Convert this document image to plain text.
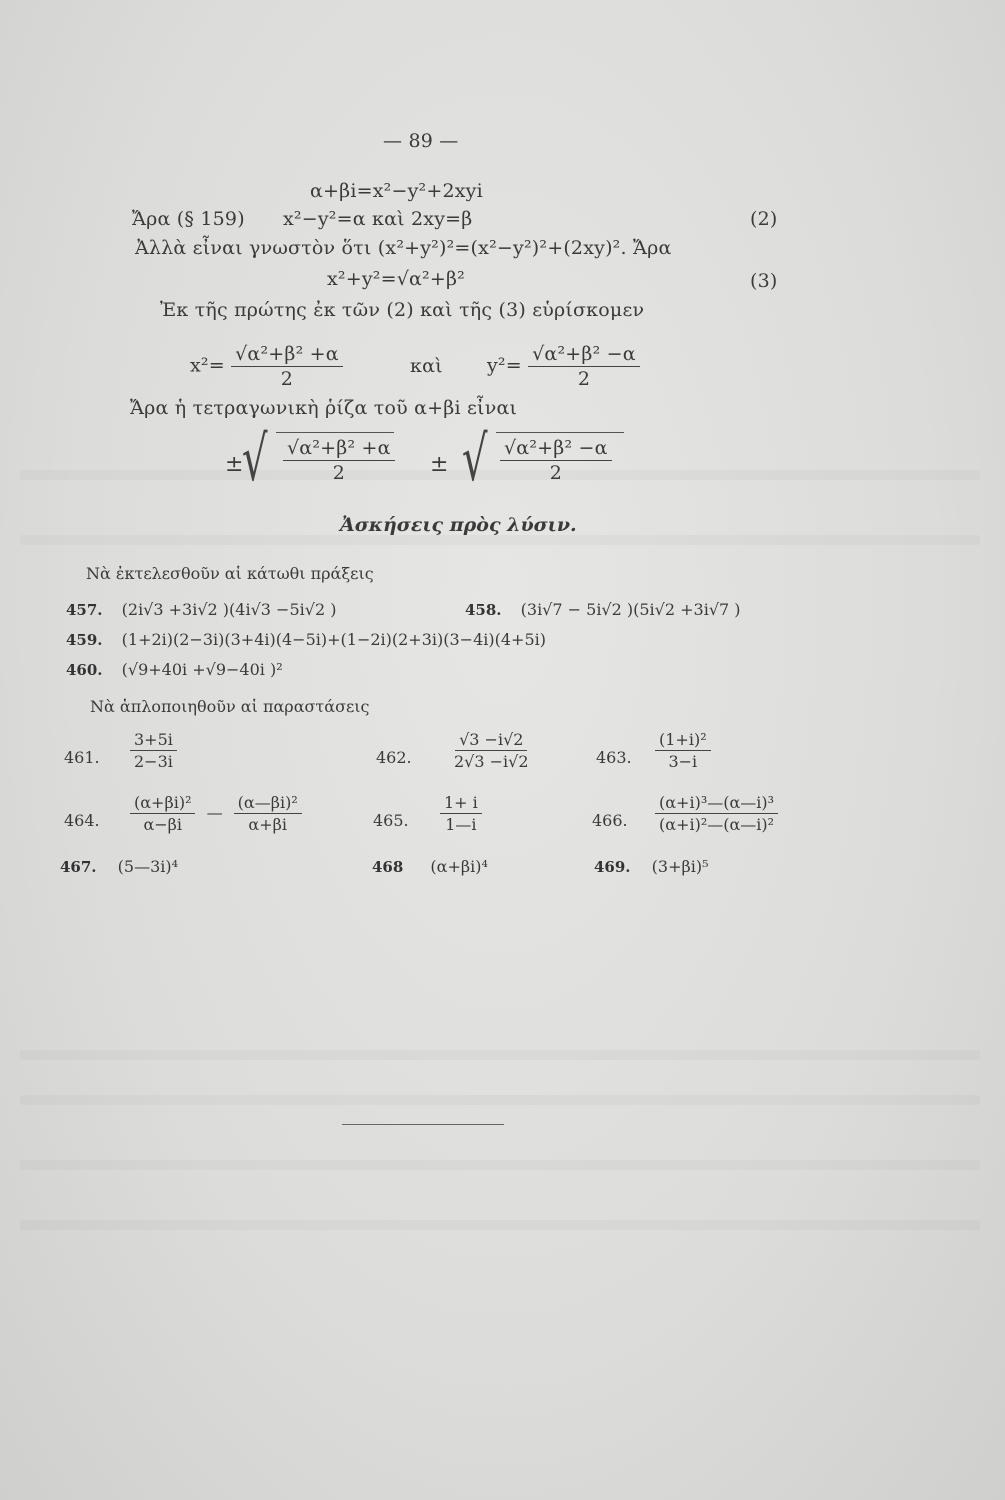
— 89 —
α+βi=x²−y²+2xyi
Ἄρα (§ 159) x²−y²=α καὶ 2xy=β	(2)
Ἀλλὰ εἶναι γνωστὸν ὅτι (x²+y²)²=(x²−y²)²+(2xy)². Ἄρα
x²+y²=√α²+β²	(3)
Ἐκ τῆς πρώτης ἐκ τῶν (2) καὶ τῆς (3) εὑρίσκομεν
$x^2= \frac{\text{√α²+β² +α}}{2}$	καὶ $y^2= \frac{\text{√α²+β² −α}}{2}$
Ἄρα ἡ τετραγωνικὴ ῥίζα τοῦ α+βi εἶναι
±
√ $\frac{\text{√α²+β² +α}}{2}$ ± √ $\frac{\text{√α²+β² −α}}{2}$
Ἀσκήσεις πρὸς λύσιν.
Νὰ ἐκτελεσθοῦν αἱ κάτωθι πράξεις
457. (2i√3 +3i√2 )(4i√3 −5i√2 )	458. (3i√7 − 5i√2 )(5i√2 +3i√7 )
459. (1+2i)(2−3i)(3+4i)(4−5i)+(1−2i)(2+3i)(3−4i)(4+5i)
460. (√9+40i +√9−40i )²
Νὰ ἁπλοποιηθοῦν αἱ παραστάσεις
461. $\frac{3+5i}{2-3i}$	462. $\frac{√3 -i√2}{2√3 -i√2}$	463. $\frac{\text{(1+i)²}}{3-i}$
464. $\frac{\text{(α+βi)²}}{\alpha-\beta i}$ — $\frac{\text{(α—βi)²}}{\alpha+\beta i}$	465. $\frac{1+ i}{1—i}$	466. $\frac{\text{(α+i)³—(α—i)³}}{\text{(α+i)²—(α—i)²}}$
467. (5—3i)⁴	468 (α+βi)⁴	469. (3+βi)⁵
